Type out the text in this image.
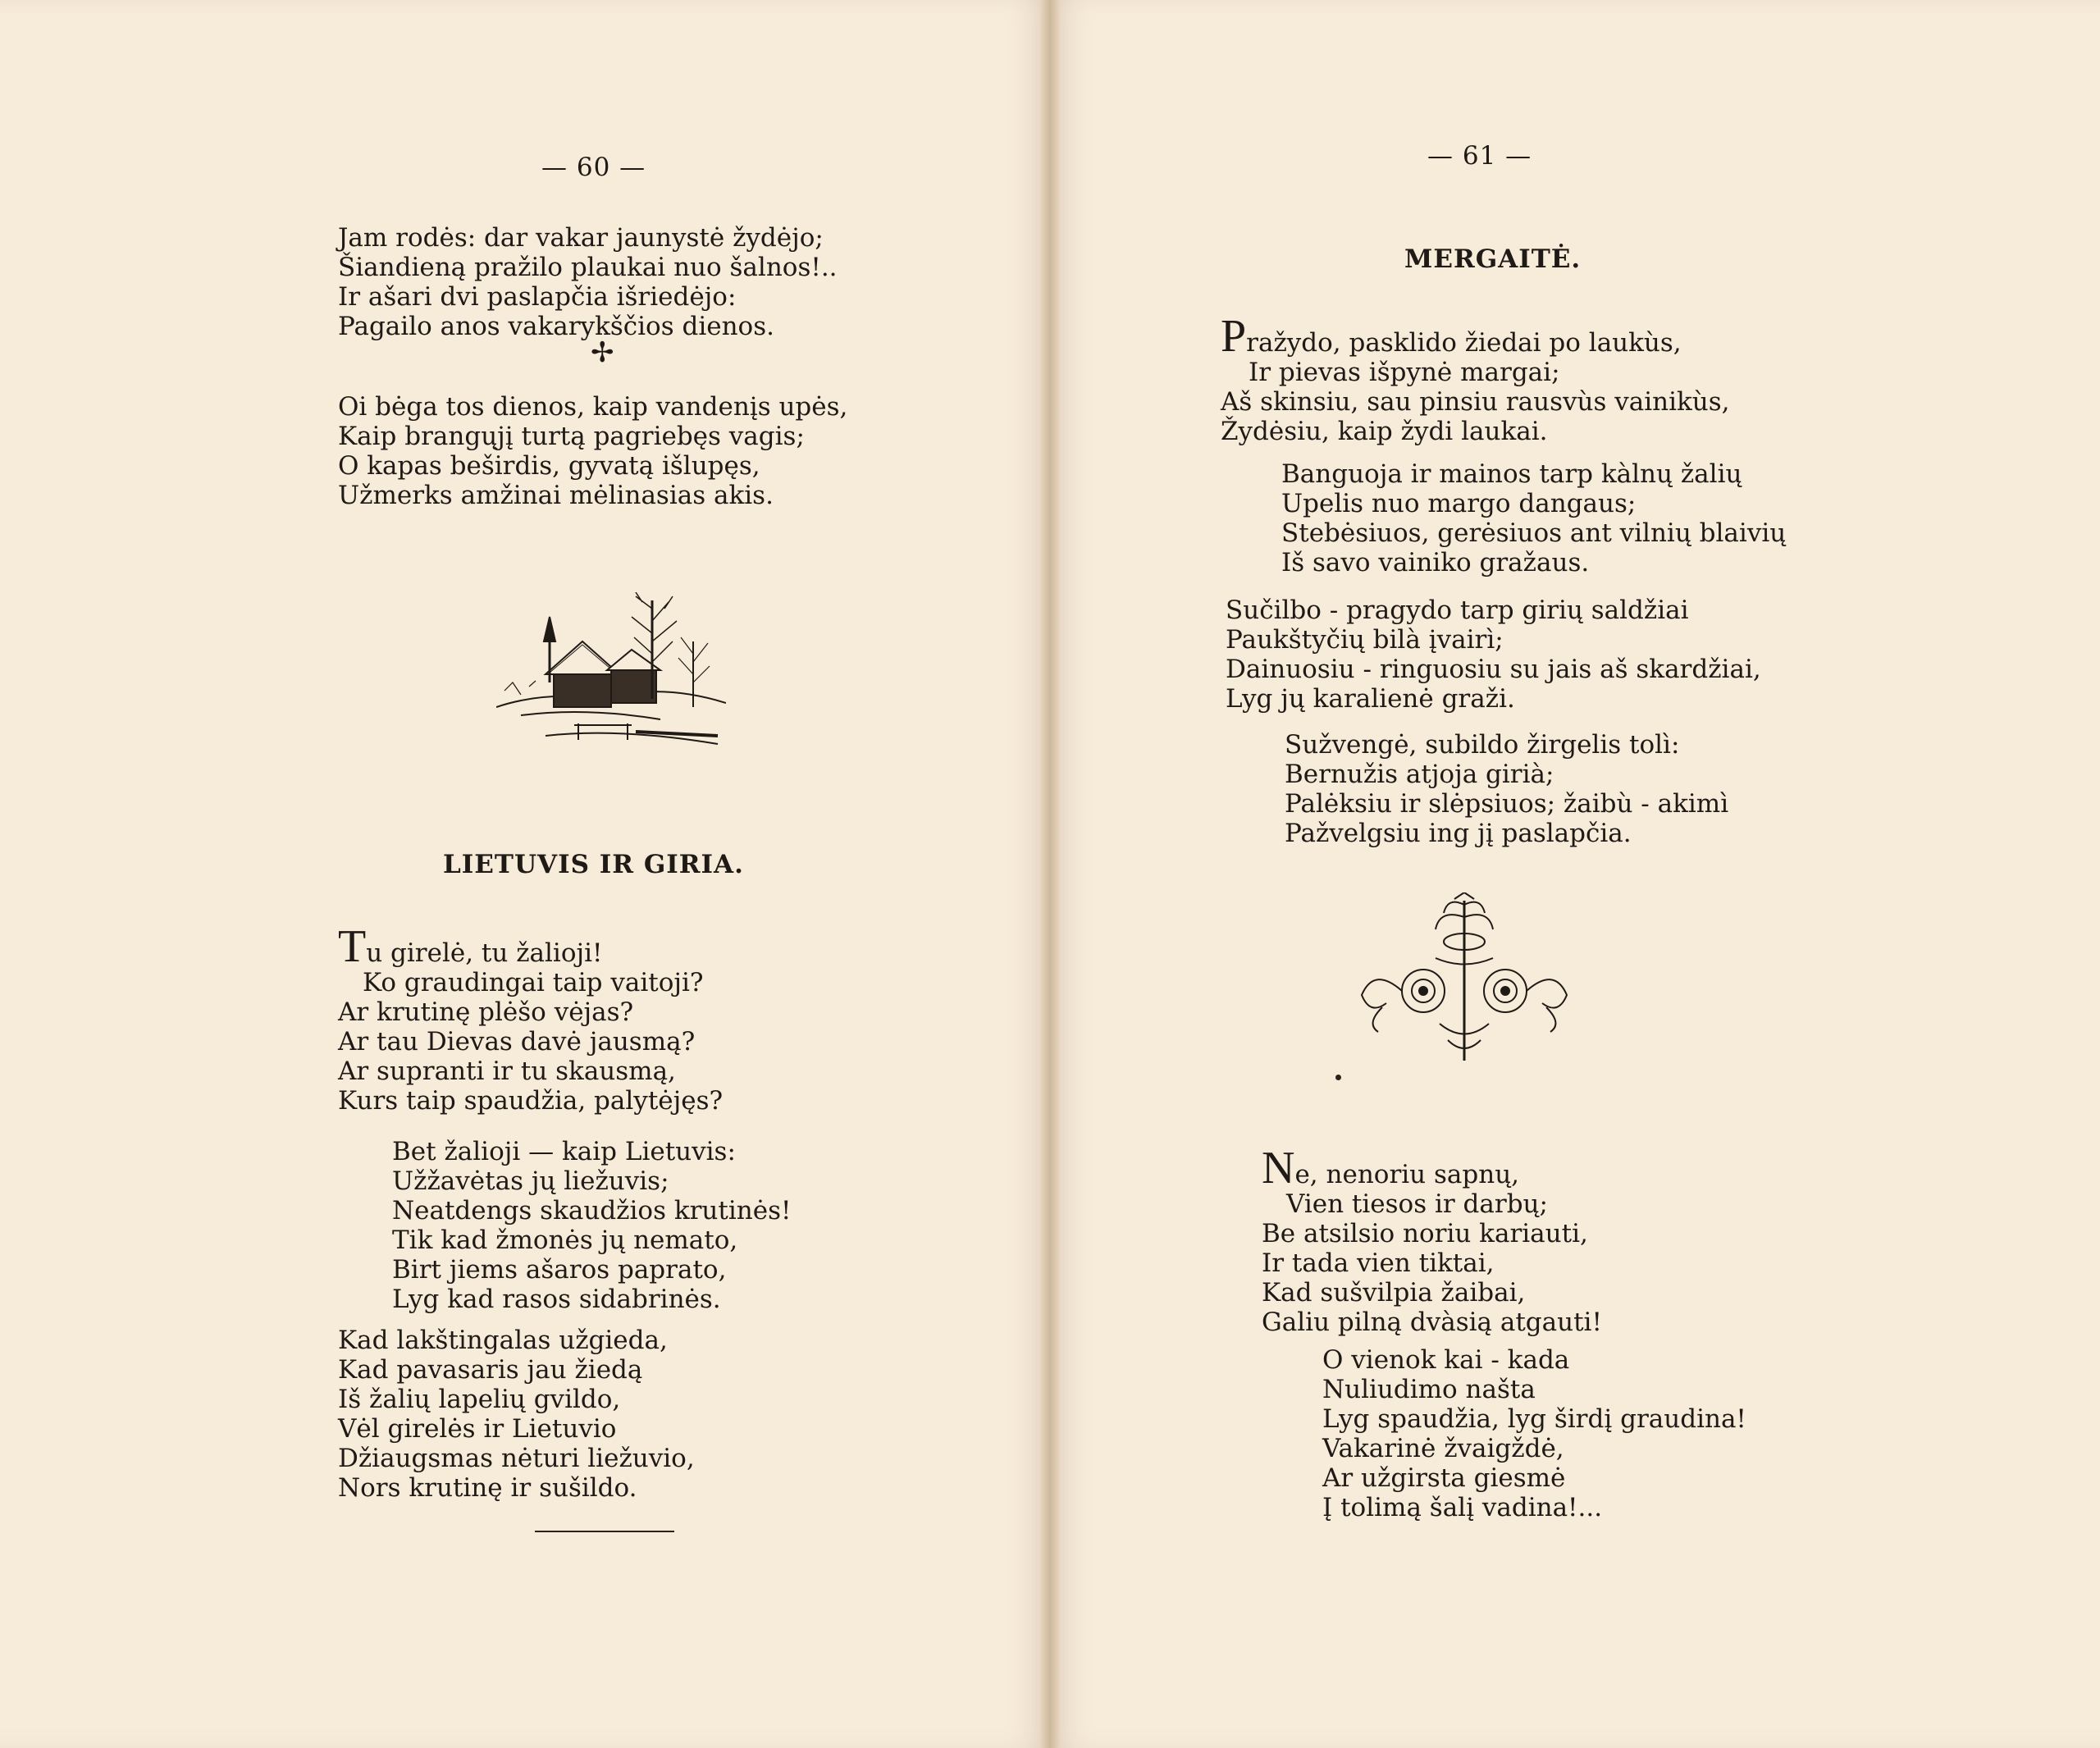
— 60 —
Jam rodės: dar vakar jaunystė žydėjo;
Šiandieną pražilo plaukai nuo šalnos!..
Ir ašari dvi paslapčia išriedėjo:
Pagailo anos vakarykščios dienos.
✢
Oi bėga tos dienos, kaip vandenįs upės,
Kaip brangųjį turtą pagriebęs vagis;
O kapas beširdis, gyvatą išlupęs,
Užmerks amžinai mėlinasias akis.
LIETUVIS IR GIRIA.
Tu girelė, tu žalioji!
Ko graudingai taip vaitoji?
Ar krutinę plėšo vėjas?
Ar tau Dievas davė jausmą?
Ar supranti ir tu skausmą,
Kurs taip spaudžia, palytėjęs?
Bet žalioji — kaip Lietuvis:
Užžavėtas jų liežuvis;
Neatdengs skaudžios krutinės!
Tik kad žmonės jų nemato,
Birt jiems ašaros paprato,
Lyg kad rasos sidabrinės.
Kad lakštingalas užgieda,
Kad pavasaris jau žiedą
Iš žalių lapelių gvildo,
Vėl girelės ir Lietuvio
Džiaugsmas nėturi liežuvio,
Nors krutinę ir sušildo.
— 61 —
MERGAITĖ.
Pražydo, pasklido žiedai po laukùs,
Ir pievas išpynė margai;
Aš skinsiu, sau pinsiu rausvùs vainikùs,
Žydėsiu, kaip žydi laukai.
Banguoja ir mainos tarp kàlnų žalių
Upelis nuo margo dangaus;
Stebėsiuos, gerėsiuos ant vilnių blaivių
Iš savo vainiko gražaus.
Sučilbo - pragydo tarp girių saldžiai
Paukštyčių bilà įvairì;
Dainuosiu - ringuosiu su jais aš skardžiai,
Lyg jų karalienė graži.
Sužvengė, subildo žirgelis tolì:
Bernužis atjoja girià;
Palėksiu ir slėpsiuos; žaibù - akimì
Pažvelgsiu ing jį paslapčia.
Ne, nenoriu sapnų,
Vien tiesos ir darbų;
Be atsilsio noriu kariauti,
Ir tada vien tiktai,
Kad sušvilpia žaibai,
Galiu pilną dvàsią atgauti!
O vienok kai - kada
Nuliudimo našta
Lyg spaudžia, lyg širdį graudina!
Vakarinė žvaigždė,
Ar užgirsta giesmė
Į tolimą šalį vadina!...
